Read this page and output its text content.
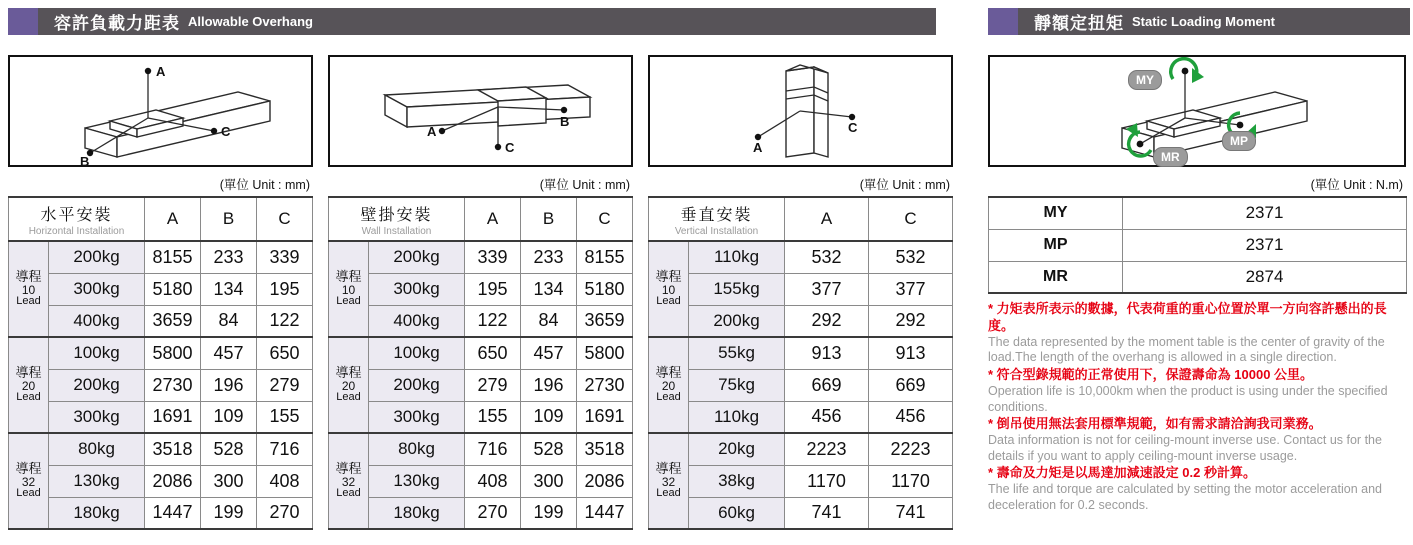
容許負載力距表 Allowable Overhang
A
C
B
(單位 Unit : mm)
水平安裝
Horizontal Installation		A	B	C

導程
10
Lead	200kg	8155	233	339
	300kg	5180	134	195
	400kg	3659	84	122

導程
20
Lead	100kg	5800	457	650
	200kg	2730	196	279
	300kg	1691	109	155

導程
32
Lead	80kg	3518	528	716
	130kg	2086	300	408
	180kg	1447	199	270
A
B
C
(單位 Unit : mm)
壁掛安裝
Wall Installation		A	B	C

導程
10
Lead	200kg	339	233	8155
	300kg	195	134	5180
	400kg	122	84	3659

導程
20
Lead	100kg	650	457	5800
	200kg	279	196	2730
	300kg	155	109	1691

導程
32
Lead	80kg	716	528	3518
	130kg	408	300	2086
	180kg	270	199	1447
A
C
(單位 Unit : mm)
垂直安裝
Vertical Installation		A	C

導程
10
Lead	110kg	532	532
	155kg	377	377
	200kg	292	292

導程
20
Lead	55kg	913	913
	75kg	669	669
	110kg	456	456

導程
32
Lead	20kg	2223	2223
	38kg	1170	1170
	60kg	741	741
靜額定扭矩 Static Loading Moment
MY
MP
MR
(單位 Unit : N.m)
MY	2371
MP	2371
MR	2874
* 力矩表所表示的數據，代表荷重的重心位置於單一方向容許懸出的長度。
The data represented by the moment table is the center of gravity of the load.The length of the overhang is allowed in a single direction.
* 符合型錄規範的正常使用下，保證壽命為 10000 公里。
Operation life is 10,000km when the product is using under the specified conditions.
* 倒吊使用無法套用標準規範，如有需求請洽詢我司業務。
Data information is not for ceiling-mount inverse use. Contact us for the details if you want to apply ceiling-mount inverse usage.
* 壽命及力矩是以馬達加減速設定 0.2 秒計算。
The life and torque are calculated by setting the motor acceleration and deceleration for 0.2 seconds.
